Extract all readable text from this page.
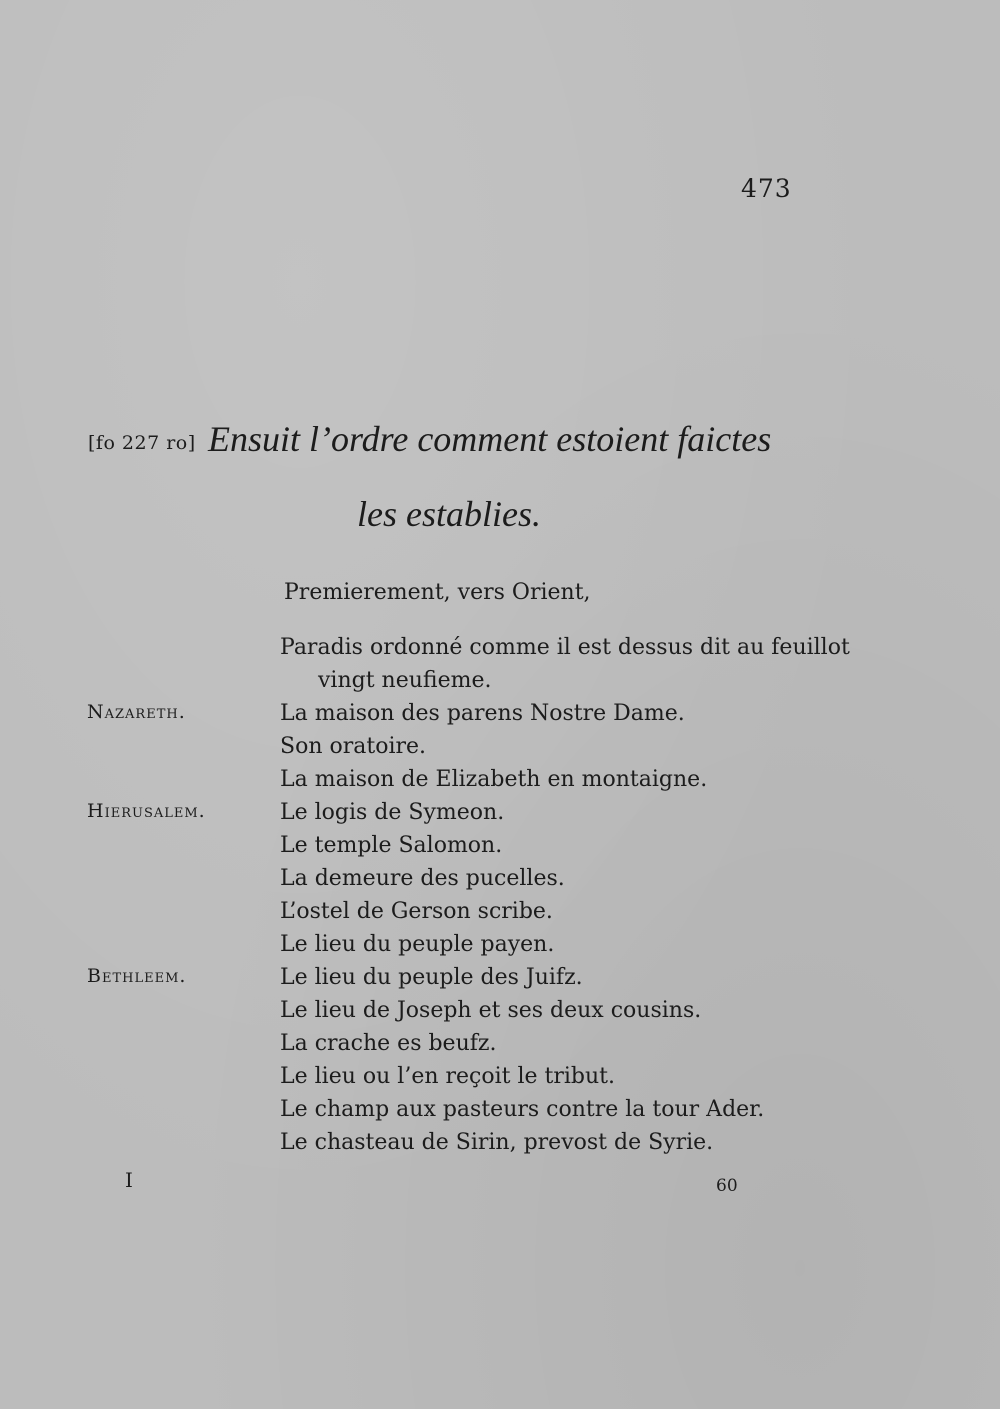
473
[fo 227 ro] Ensuit l’ordre comment estoient faictes
les establies.
Premierement, vers Orient,
Paradis ordonné comme il est dessus dit au feuillot
vingt neufieme.
La maison des parens Nostre Dame.
Son oratoire.
La maison de Elizabeth en montaigne.
Le logis de Symeon.
Le temple Salomon.
La demeure des pucelles.
L’ostel de Gerson scribe.
Le lieu du peuple payen.
Le lieu du peuple des Juifz.
Le lieu de Joseph et ses deux cousins.
La crache es beufz.
Le lieu ou l’en reçoit le tribut.
Le champ aux pasteurs contre la tour Ader.
Le chasteau de Sirin, prevost de Syrie.
Nazareth.
Hierusalem.
Bethleem.
I	60
